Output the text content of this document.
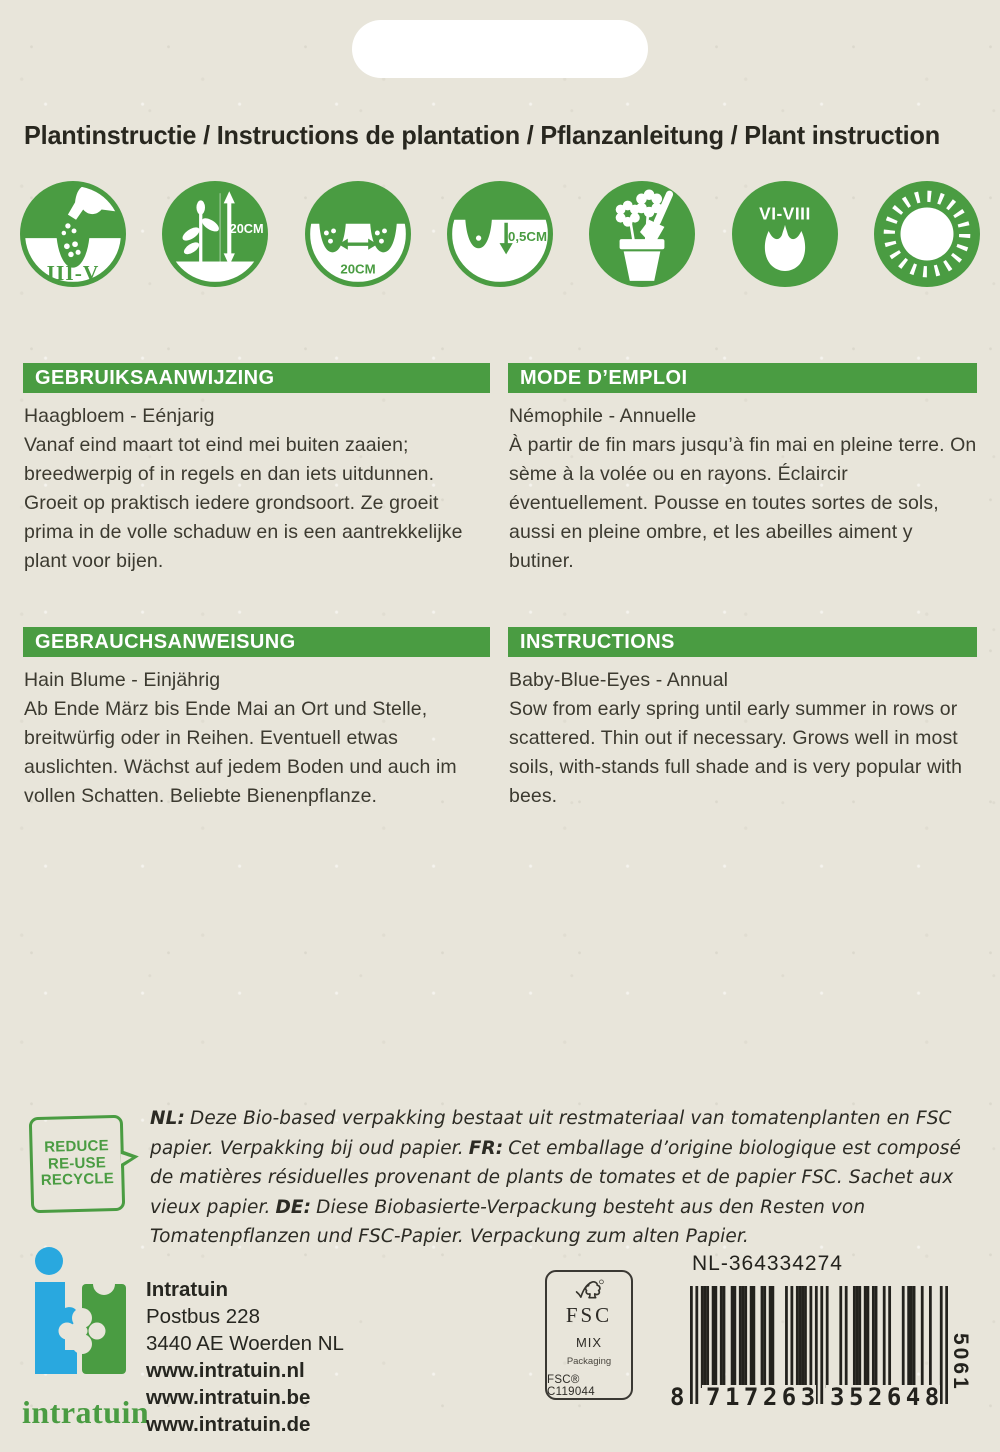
Plantinstructie / Instructions de plantation / Pflanzanleitung / Plant instruction
III-V
20CM
20CM
0,5CM
VI-VIII
GEBRUIKSAANWIJZING

Haagbloem - Eénjarig

Vanaf eind maart tot eind mei buiten zaaien; breedwerpig of in regels en dan iets uitdunnen. Groeit op praktisch iedere grondsoort. Ze groeit prima in de volle schaduw en is een aantrekkelijke plant voor bijen.

MODE D’EMPLOI

Némophile - Annuelle

À partir de fin mars jusqu’à fin mai en pleine terre. On sème à la volée ou en rayons. Éclaircir éventuellement. Pousse en toutes sortes de sols, aussi en pleine ombre, et les abeilles aiment y butiner.

GEBRAUCHSANWEISUNG

Hain Blume - Einjährig

Ab Ende März bis Ende Mai an Ort und Stelle, breitwürfig oder in Reihen. Eventuell etwas auslichten. Wächst auf jedem Boden und auch im vollen Schatten. Beliebte Bienenpflanze.

INSTRUCTIONS

Baby-Blue-Eyes - Annual

Sow from early spring until early summer in rows or scattered. Thin out if necessary. Grows well in most soils, with-stands full shade and is very popular with bees.

REDUCE
RE-USE
RECYCLE

NL: Deze Bio-based verpakking bestaat uit restmateriaal van tomatenplanten en FSC papier. Verpakking bij oud papier. FR: Cet emballage d’origine biologique est composé de matières résiduelles provenant de plants de tomates et de papier FSC. Sachet aux vieux papier. DE: Diese Biobasierte-Verpackung besteht aus den Resten von Tomatenpflanzen und FSC-Papier. Verpackung zum alten Papier.

intratuin
Intratuin
Postbus 228
3440 AE Woerden NL
www.intratuin.nl
www.intratuin.be
www.intratuin.de
FSC
MIX
Packaging
FSC® C119044
NL-364334274
8 717263 352648
5061
